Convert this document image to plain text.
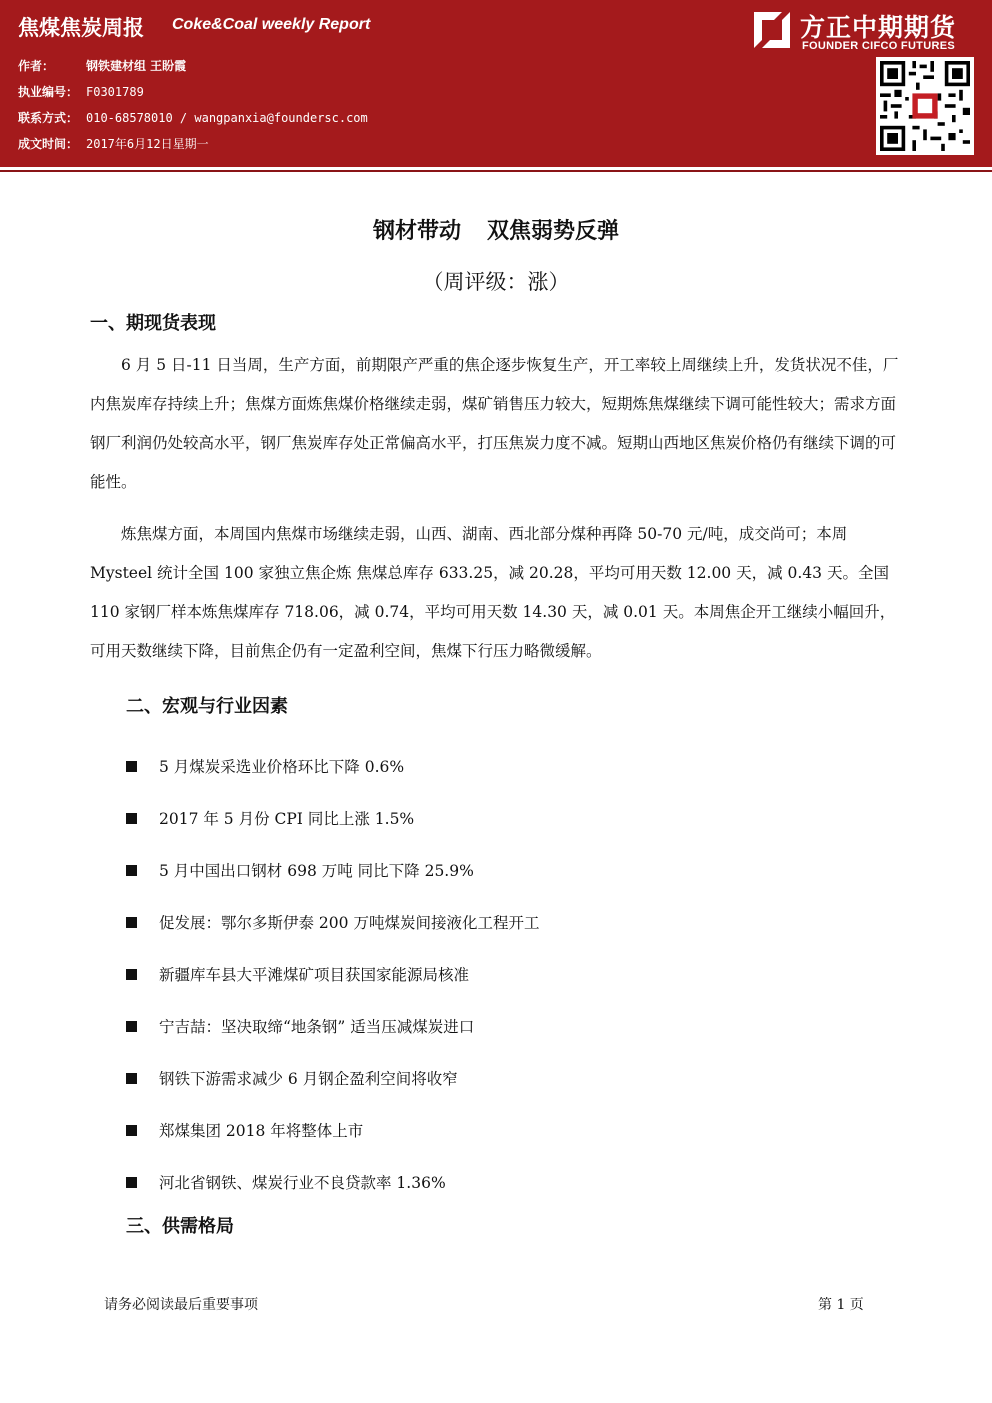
焦煤焦炭周报 Coke&Coal weekly Report
作者：	钢铁建材组 王盼霞
执业编号： F0301789
联系方式： 010-68578010 / wangpanxia@foundersc.com
成文时间： 2017年6月12日星期一
方正中期期货
FOUNDER CIFCO FUTURES
钢材带动 双焦弱势反弹
（周评级：涨）
一、期现货表现

6 月 5 日-11 日当周，生产方面，前期限产严重的焦企逐步恢复生产，开工率较上周继续上升，发货状况不佳，厂内焦炭库存持续上升；焦煤方面炼焦煤价格继续走弱，煤矿销售压力较大，短期炼焦煤继续下调可能性较大；需求方面钢厂利润仍处较高水平，钢厂焦炭库存处正常偏高水平，打压焦炭力度不减。短期山西地区焦炭价格仍有继续下调的可能性。

炼焦煤方面，本周国内焦煤市场继续走弱，山西、湖南、西北部分煤种再降 50-70 元/吨，成交尚可；本周 Mysteel 统计全国 100 家独立焦企炼 焦煤总库存 633.25，减 20.28，平均可用天数 12.00 天，减 0.43 天。全国 110 家钢厂样本炼焦煤库存 718.06，减 0.74，平均可用天数 14.30 天，减 0.01 天。本周焦企开工继续小幅回升，可用天数继续下降，目前焦企仍有一定盈利空间，焦煤下行压力略微缓解。

二、宏观与行业因素
5 月煤炭采选业价格环比下降 0.6%
2017 年 5 月份 CPI 同比上涨 1.5%
5 月中国出口钢材 698 万吨 同比下降 25.9%
促发展：鄂尔多斯伊泰 200 万吨煤炭间接液化工程开工
新疆库车县大平滩煤矿项目获国家能源局核准
宁吉喆：坚决取缔“地条钢” 适当压减煤炭进口
钢铁下游需求减少 6 月钢企盈利空间将收窄
郑煤集团 2018 年将整体上市
河北省钢铁、煤炭行业不良贷款率 1.36%
三、供需格局
请务必阅读最后重要事项	第 1 页
